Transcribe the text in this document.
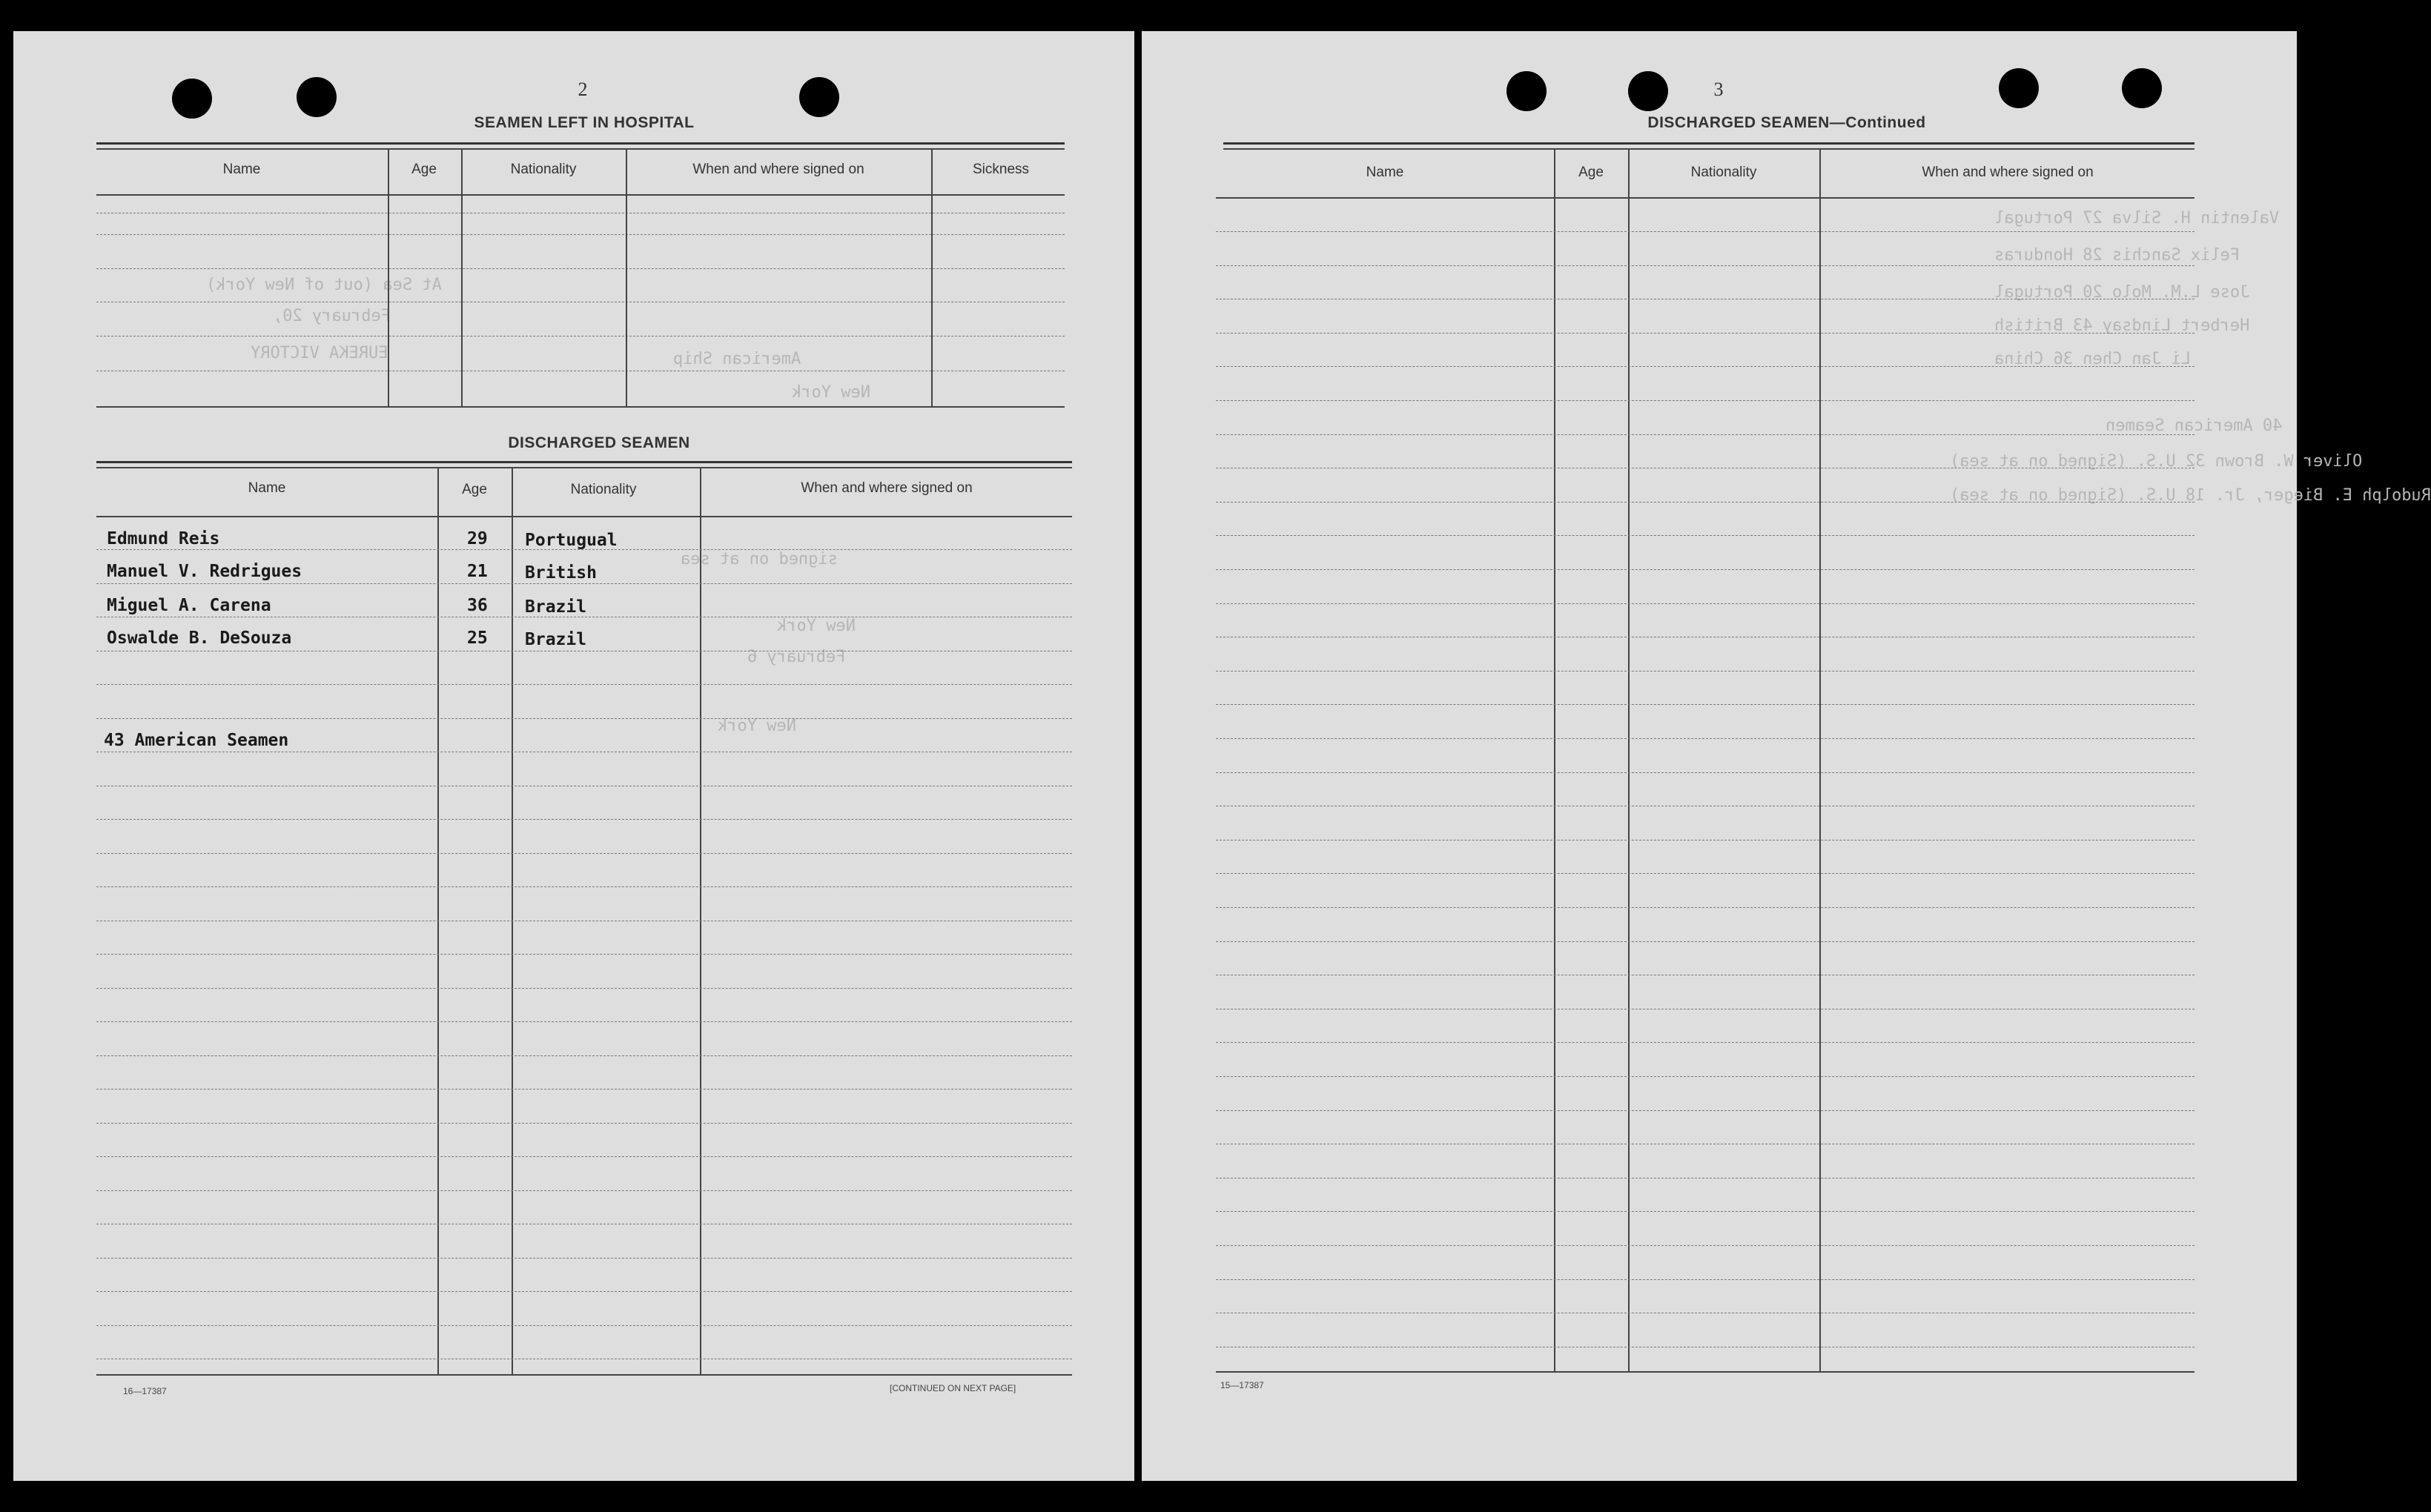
At Sea (out of New York)
February 20,
EUREKA VICTORY	American Ship
New York
signed on at sea
New York
February 6
New York
Valentin H. Silva 27 Portugal
Felix Sanchis 28 Honduras
Jose L.M. Molo 20 Portugal
Herbert Lindsay 43 British
Li Jan Chen 36 China
40 American Seamen
Oliver W. Brown 32 U.S. (Signed on at sea)
Rudolph E. Bieger, Jr. 18 U.S. (Signed on at sea)
2
SEAMEN LEFT IN HOSPITAL
Name	Age	Nationality	When and where signed on	Sickness
DISCHARGED SEAMEN
Name	Age	Nationality	When and where signed on
Edmund Reis	29 Portugual
Manuel V. Redrigues	21 British
Miguel A. Carena	36 Brazil
Oswalde B. DeSouza	25 Brazil
43 American Seamen
16—17387	[CONTINUED ON NEXT PAGE]
3
DISCHARGED SEAMEN—Continued
Name	Age	Nationality	When and where signed on
15—17387
